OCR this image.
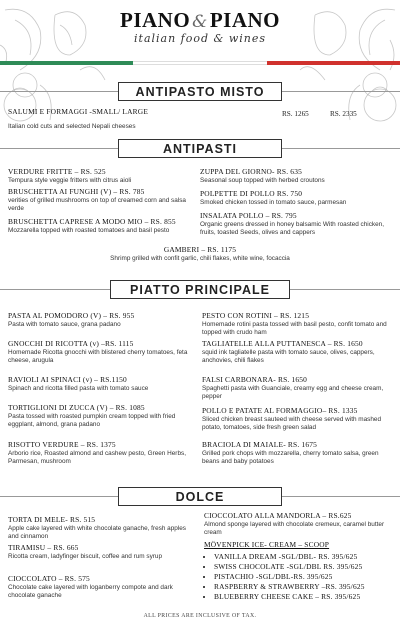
PIANO &PIANO
italian food & wines
ANTIPASTO MISTO
SALUMI E FORMAGGI -SMALL/ LARGE	RS. 1265	RS. 2335
Italian cold cuts and selected Nepali cheeses
ANTIPASTI
VERDURE FRITTE – RS. 525
Tempura style veggie fritters with citrus aioli
BRUSCHETTA AI FUNGHI (V) – RS. 785
verities of grilled mushrooms on top of creamed corn and salsa verde
BRUSCHETTA CAPRESE A MODO MIO – RS. 855
Mozzarella topped with roasted tomatoes and basil pesto
ZUPPA DEL GIORNO- RS. 635
Seasonal soup topped with herbed croutons
POLPETTE DI POLLO RS. 750
Smoked chicken tossed in tomato sauce, parmesan
INSALATA POLLO – RS. 795
Organic greens dressed in honey balsamic With roasted chicken, fruits, toasted Seeds, olives and cappers
GAMBERI – RS. 1175
Shrimp grilled with confit garlic, chili flakes, white wine, focaccia
PIATTO PRINCIPALE
PASTA AL POMODORO (V) – RS. 955
Pasta with tomato sauce, grana padano
GNOCCHI DI RICOTTA (v) –RS. 1115
Homemade Ricotta gnocchi with blistered cherry tomatoes, feta cheese, arugula
RAVIOLI AI SPINACI (v) – RS.1150
Spinach and ricotta filled pasta with tomato sauce
TORTIGLIONI DI ZUCCA (V) – RS. 1085
Pasta tossed with roasted pumpkin cream topped with fried eggplant, almond, grana padano
RISOTTO VERDURE – RS. 1375
Arborio rice, Roasted almond and cashew pesto, Green Herbs, Parmesan, mushroom
PESTO CON ROTINI – RS. 1215
Homemade rotini pasta tossed with basil pesto, confit tomato and topped with crudo ham
TAGLIATELLE ALLA PUTTANESCA – RS. 1650
squid ink tagliatelle pasta with tomato sauce, olives, cappers, anchovies, chili flakes
FALSI CARBONARA- RS. 1650
Spaghetti pasta with Guanciale, creamy egg and cheese cream, pepper
POLLO E PATATE AL FORMAGGIO– RS. 1335
Sliced chicken breast sauteed with cheese served with mashed potato, tomatoes, side fresh green salad
BRACIOLA DI MAIALE- RS. 1675
Grilled pork chops with mozzarella, cherry tomato salsa, green beans and baby potatoes
DOLCE
TORTA DI MELE- RS. 515
Apple cake layered with white chocolate ganache, fresh apples and cinnamon
TIRAMISU – RS. 665
Ricotta cream, ladyfinger biscuit, coffee and rum syrup
CIOCCOLATO – RS. 575
Chocolate cake layered with loganberry compote and dark chocolate ganache
CIOCCOLATO ALLA MANDORLA – RS.625
Almond sponge layered with chocolate cremeux, caramel butter cream
MÖVENPICK ICE- CREAM – SCOOP
• VANILLA DREAM -SGL/DBL- RS. 395/625
• SWISS CHOCOLATE -SGL/DBL RS. 395/625
• PISTACHIO -SGL/DBL-RS. 395/625
• RASPBERRY & STRAWBERRY –RS. 395/625
• BLUEBERRY CHEESE CAKE – RS. 395/625
ALL PRICES ARE INCLUSIVE OF TAX.
